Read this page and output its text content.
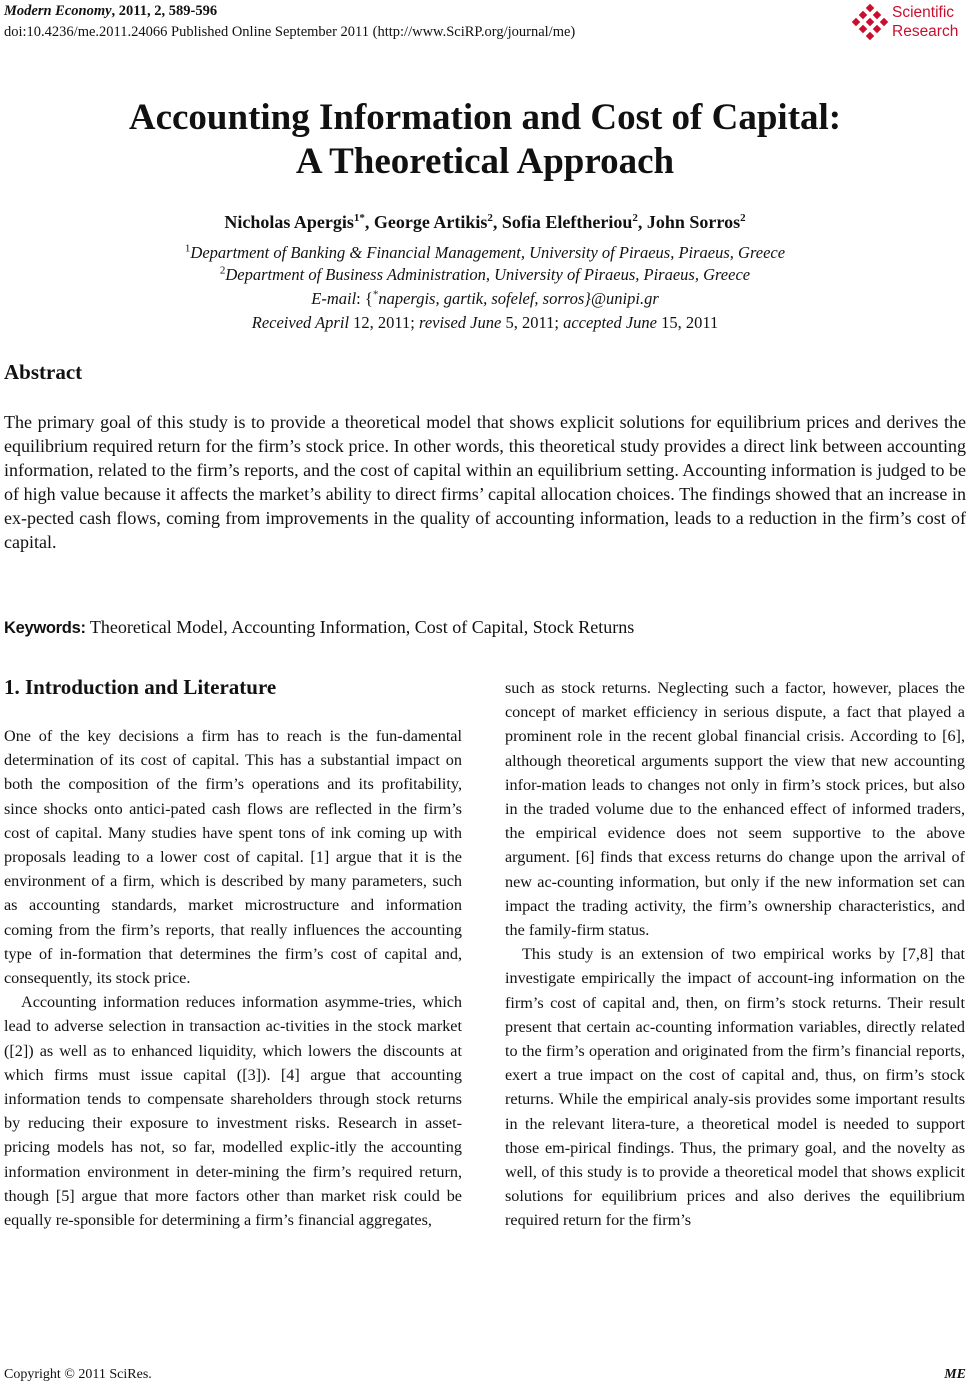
Modern Economy, 2011, 2, 589-596
doi:10.4236/me.2011.24066 Published Online September 2011 (http://www.SciRP.org/journal/me)
Scientific
Research
Accounting Information and Cost of Capital:
A Theoretical Approach
Nicholas Apergis$^{1*}$, George Artikis$^2$, Sofia Eleftheriou$^2$, John Sorros$^2$
$^1$Department of Banking & Financial Management, University of Piraeus, Piraeus, Greece
$^2$Department of Business Administration, University of Piraeus, Piraeus, Greece
E-mail: {*napergis, gartik, sofelef, sorros}@unipi.gr
Received April 12, 2011; revised June 5, 2011; accepted June 15, 2011
Abstract
The primary goal of this study is to provide a theoretical model that shows explicit solutions for equilibrium prices and derives the equilibrium required return for the firm’s stock price. In other words, this theoretical study provides a direct link between accounting information, related to the firm’s reports, and the cost of capital within an equilibrium setting. Accounting information is judged to be of high value because it affects the market’s ability to direct firms’ capital allocation choices. The findings showed that an increase in ex-pected cash flows, coming from improvements in the quality of accounting information, leads to a reduction in the firm’s cost of capital.
Keywords: Theoretical Model, Accounting Information, Cost of Capital, Stock Returns
1. Introduction and Literature

One of the key decisions a firm has to reach is the fun-damental determination of its cost of capital. This has a substantial impact on both the composition of the firm’s operations and its profitability, since shocks onto antici-pated cash flows are reflected in the firm’s cost of capital. Many studies have spent tons of ink coming up with proposals leading to a lower cost of capital. [1] argue that it is the environment of a firm, which is described by many parameters, such as accounting standards, market microstructure and information coming from the firm’s reports, that really influences the accounting type of in-formation that determines the firm’s cost of capital and, consequently, its stock price.

Accounting information reduces information asymme-tries, which lead to adverse selection in transaction ac-tivities in the stock market ([2]) as well as to enhanced liquidity, which lowers the discounts at which firms must issue capital ([3]). [4] argue that accounting information tends to compensate shareholders through stock returns by reducing their exposure to investment risks. Research in asset-pricing models has not, so far, modelled explic-itly the accounting information environment in deter-mining the firm’s required return, though [5] argue that more factors other than market risk could be equally re-sponsible for determining a firm’s financial aggregates,

such as stock returns. Neglecting such a factor, however, places the concept of market efficiency in serious dispute, a fact that played a prominent role in the recent global financial crisis. According to [6], although theoretical arguments support the view that new accounting infor-mation leads to changes not only in firm’s stock prices, but also in the traded volume due to the enhanced effect of informed traders, the empirical evidence does not seem supportive to the above argument. [6] finds that excess returns do change upon the arrival of new ac-counting information, but only if the new information set can impact the trading activity, the firm’s ownership characteristics, and the family-firm status.

This study is an extension of two empirical works by [7,8] that investigate empirically the impact of account-ing information on the firm’s cost of capital and, then, on firm’s stock returns. Their result present that certain ac-counting information variables, directly related to the firm’s operation and originated from the firm’s financial reports, exert a true impact on the cost of capital and, thus, on firm’s stock returns. While the empirical analy-sis provides some important results in the relevant litera-ture, a theoretical model is needed to support those em-pirical findings. Thus, the primary goal, and the novelty as well, of this study is to provide a theoretical model that shows explicit solutions for equilibrium prices and also derives the equilibrium required return for the firm’s

Copyright © 2011 SciRes.	ME
